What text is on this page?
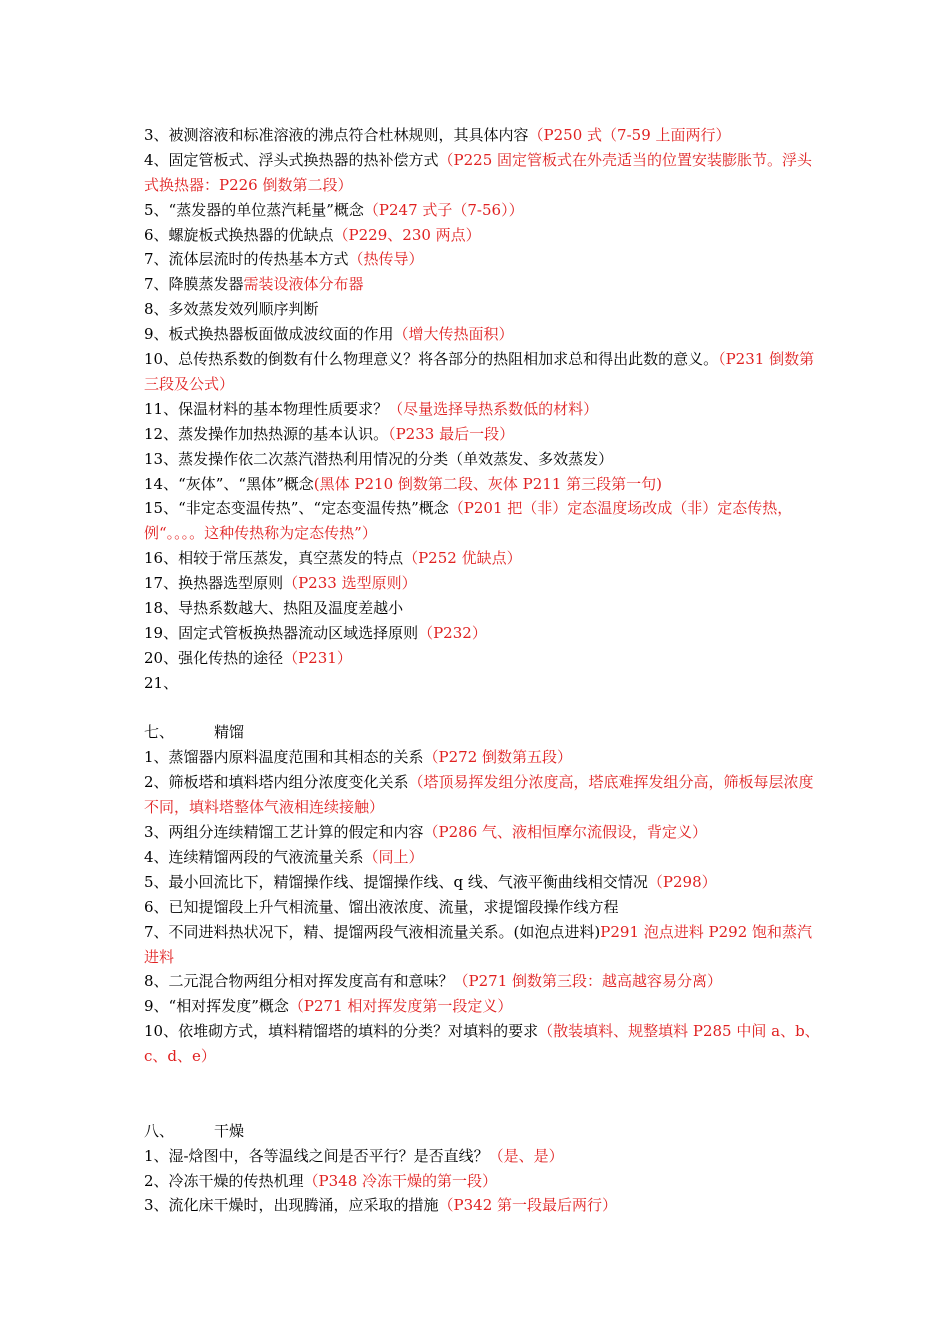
3、被测溶液和标准溶液的沸点符合杜林规则，其具体内容（P250 式（7-59 上面两行）
4、固定管板式、浮头式换热器的热补偿方式（P225 固定管板式在外壳适当的位置安装膨胀节。浮头式换热器：P226 倒数第二段）
5、“蒸发器的单位蒸汽耗量”概念（P247 式子（7-56））
6、螺旋板式换热器的优缺点（P229、230 两点）
7、流体层流时的传热基本方式（热传导）
7、降膜蒸发器需装设液体分布器
8、多效蒸发效列顺序判断
9、板式换热器板面做成波纹面的作用（增大传热面积）
10、总传热系数的倒数有什么物理意义？将各部分的热阻相加求总和得出此数的意义。（P231 倒数第三段及公式）
11、保温材料的基本物理性质要求？（尽量选择导热系数低的材料）
12、蒸发操作加热热源的基本认识。（P233 最后一段）
13、蒸发操作依二次蒸汽潜热利用情况的分类（单效蒸发、多效蒸发）
14、“灰体”、“黑体”概念(黑体 P210 倒数第二段、灰体 P211 第三段第一句)
15、“非定态变温传热”、“定态变温传热”概念（P201 把（非）定态温度场改成（非）定态传热，例“。。。。这种传热称为定态传热”）
16、相较于常压蒸发，真空蒸发的特点（P252 优缺点）
17、换热器选型原则（P233 选型原则）
18、导热系数越大、热阻及温度差越小
19、固定式管板换热器流动区域选择原则（P232）
20、强化传热的途径（P231）
21、
七、	精馏
1、蒸馏器内原料温度范围和其相态的关系（P272 倒数第五段）
2、筛板塔和填料塔内组分浓度变化关系（塔顶易挥发组分浓度高，塔底难挥发组分高，筛板每层浓度不同，填料塔整体气液相连续接触）
3、两组分连续精馏工艺计算的假定和内容（P286 气、液相恒摩尔流假设，背定义）
4、连续精馏两段的气液流量关系（同上）
5、最小回流比下，精馏操作线、提馏操作线、q 线、气液平衡曲线相交情况（P298）
6、已知提馏段上升气相流量、馏出液浓度、流量，求提馏段操作线方程
7、不同进料热状况下，精、提馏两段气液相流量关系。(如泡点进料)P291 泡点进料 P292 饱和蒸汽进料
8、二元混合物两组分相对挥发度高有和意味？（P271 倒数第三段：越高越容易分离）
9、“相对挥发度”概念（P271 相对挥发度第一段定义）
10、依堆砌方式，填料精馏塔的填料的分类？对填料的要求（散装填料、规整填料 P285 中间 a、b、c、d、e）
八、	干燥
1、湿-焓图中，各等温线之间是否平行？是否直线？（是、是）
2、冷冻干燥的传热机理（P348 冷冻干燥的第一段）
3、流化床干燥时，出现腾涌，应采取的措施（P342 第一段最后两行）
